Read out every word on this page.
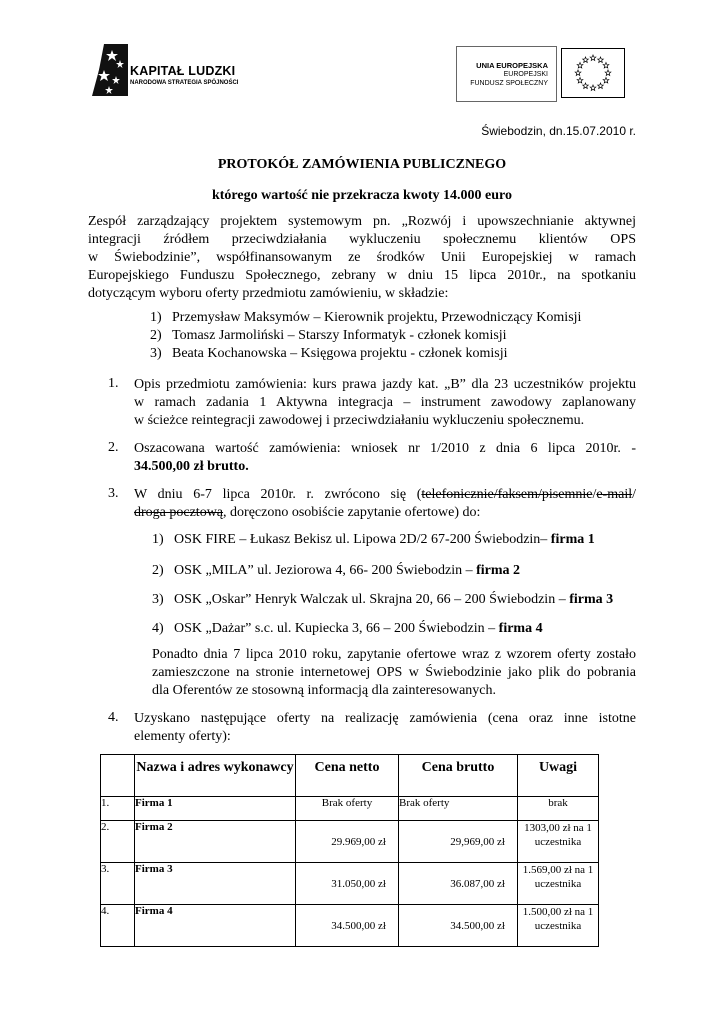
KAPITAŁ LUDZKI
NARODOWA STRATEGIA SPÓJNOŚCI
UNIA EUROPEJSKA
EUROPEJSKI
FUNDUSZ SPOŁECZNY
Świebodzin, dn.15.07.2010 r.
PROTOKÓŁ ZAMÓWIENIA PUBLICZNEGO
którego wartość nie przekracza kwoty 14.000 euro
Zespół zarządzający projektem systemowym pn. „Rozwój i upowszechnianie aktywnej
integracji źródłem przeciwdziałania wykluczeniu społecznemu klientów OPS
w Świebodzinie”, współfinansowanym ze środków Unii Europejskiej w ramach
Europejskiego Funduszu Społecznego, zebrany w dniu 15 lipca 2010r., na spotkaniu
dotyczącym wyboru oferty przedmiotu zamówieniu, w składzie:
1) Przemysław Maksymów – Kierownik projektu, Przewodniczący Komisji
2) Tomasz Jarmoliński – Starszy Informatyk - członek komisji
3) Beata Kochanowska – Księgowa projektu - członek komisji
1. Opis przedmiotu zamówienia: kurs prawa jazdy kat. „B” dla 23 uczestników projektu
w ramach zadania 1 Aktywna integracja – instrument zawodowy zaplanowany
w ścieżce reintegracji zawodowej i przeciwdziałaniu wykluczeniu społecznemu.
2. Oszacowana wartość zamówienia: wniosek nr 1/2010 z dnia 6 lipca 2010r. -
34.500,00 zł brutto.
3. W dniu 6-7 lipca 2010r. r. zwrócono się (telefonicznie/faksem/pisemnie/e-mail/
droga pocztową, doręczono osobiście zapytanie ofertowe) do:
1) OSK FIRE – Łukasz Bekisz ul. Lipowa 2D/2 67-200 Świebodzin– firma 1
2) OSK „MILA” ul. Jeziorowa 4, 66- 200 Świebodzin – firma 2
3) OSK „Oskar” Henryk Walczak ul. Skrajna 20, 66 – 200 Świebodzin – firma 3
4) OSK „Dażar” s.c. ul. Kupiecka 3, 66 – 200 Świebodzin – firma 4
Ponadto dnia 7 lipca 2010 roku, zapytanie ofertowe wraz z wzorem oferty zostało
zamieszczone na stronie internetowej OPS w Świebodzinie jako plik do pobrania
dla Oferentów ze stosowną informacją dla zainteresowanych.
4. Uzyskano następujące oferty na realizację zamówienia (cena oraz inne istotne
elementy oferty):
	Nazwa i adres wykonawcy	Cena netto	Cena brutto	Uwagi
1.	Firma 1	Brak oferty	Brak oferty	brak
2.	Firma 2	29.969,00 zł	29,969,00 zł	1303,00 zł na 1 uczestnika
3.	Firma 3	31.050,00 zł	36.087,00 zł	1.569,00 zł na 1 uczestnika
4.	Firma 4	34.500,00 zł	34.500,00 zł	1.500,00 zł na 1 uczestnika
